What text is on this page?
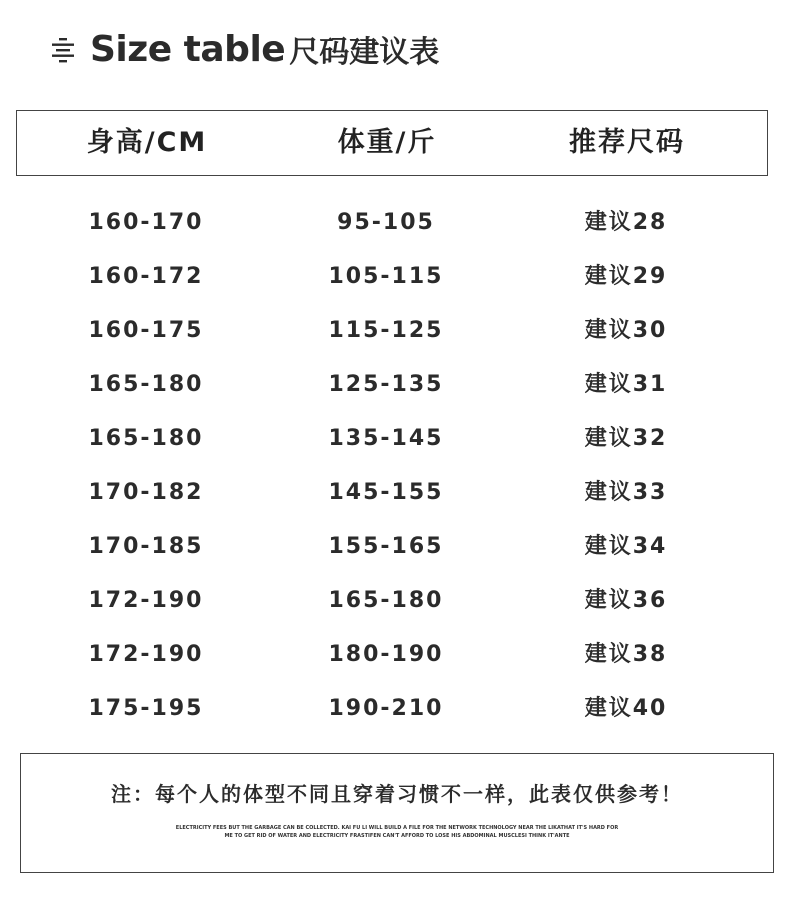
Size table 尺码建议表
身高/CM	体重/斤	推荐尺码
160-170	95-105	建议28
160-172	105-115	建议29
160-175	115-125	建议30
165-180	125-135	建议31
165-180	135-145	建议32
170-182	145-155	建议33
170-185	155-165	建议34
172-190	165-180	建议36
172-190	180-190	建议38
175-195	190-210	建议40
注：每个人的体型不同且穿着习惯不一样，此表仅供参考！
ELECTRICITY FEES BUT THE GARBAGE CAN BE COLLECTED. KAI FU LI WILL BUILD A FILE FOR THE NETWORK TECHNOLOGY NEAR THE LIKATHAT IT'S HARD FOR
ME TO GET RID OF WATER AND ELECTRICITY FRASTIFEN CAN'T AFFORD TO LOSE HIS ABDOMINAL MUSCLESI THINK IT'ANTE
